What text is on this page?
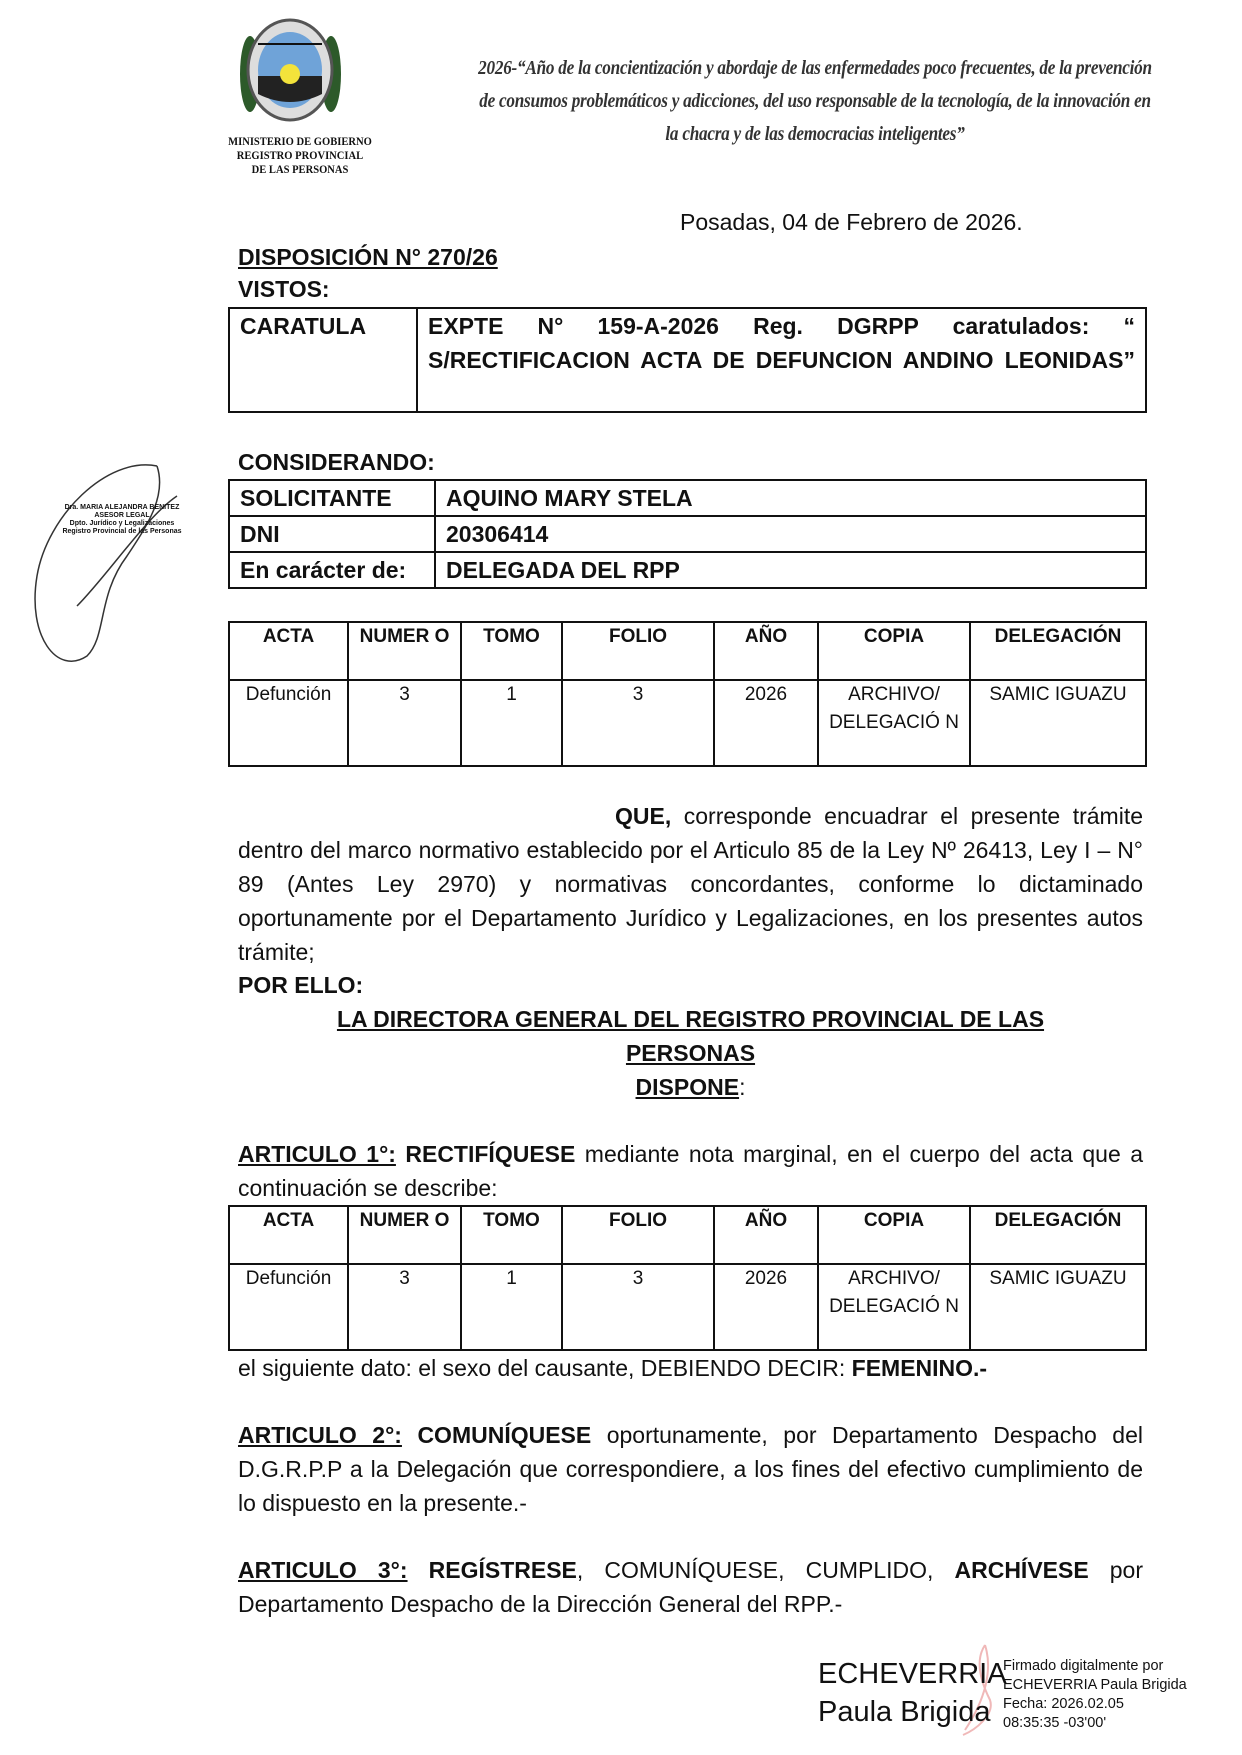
MINISTERIO DE GOBIERNO
REGISTRO PROVINCIAL
DE LAS PERSONAS
2026-“Año de la concientización y abordaje de las enfermedades poco frecuentes, de la prevención de consumos problemáticos y adicciones, del uso responsable de la tecnología, de la innovación en la chacra y de las democracias inteligentes”
Dra. MARIA ALEJANDRA BENITEZ
ASESOR LEGAL
Dpto. Jurídico y Legalizaciones
Registro Provincial de las Personas
Posadas, 04 de Febrero de 2026.
DISPOSICIÓN N° 270/26
VISTOS:
CARATULA	EXPTE N° 159-A-2026 Reg. DGRPP caratulados: “ S/RECTIFICACION ACTA DE DEFUNCION ANDINO LEONIDAS”
CONSIDERANDO:
SOLICITANTE	AQUINO MARY STELA
DNI	20306414
En carácter de:	DELEGADA DEL RPP
ACTA	NUMER O	TOMO	FOLIO	AÑO	COPIA	DELEGACIÓN
Defunción	3	1	3	2026	ARCHIVO/ DELEGACIÓ N	SAMIC IGUAZU
QUE, corresponde encuadrar el presente trámite dentro del marco normativo establecido por el Articulo 85 de la Ley Nº 26413, Ley I – N° 89 (Antes Ley 2970) y normativas concordantes, conforme lo dictaminado oportunamente por el Departamento Jurídico y Legalizaciones, en los presentes autos trámite;
POR ELLO:
LA DIRECTORA GENERAL DEL REGISTRO PROVINCIAL DE LAS PERSONAS
DISPONE:
ARTICULO 1°: RECTIFÍQUESE mediante nota marginal, en el cuerpo del acta que a continuación se describe:
ACTA	NUMER O	TOMO	FOLIO	AÑO	COPIA	DELEGACIÓN
Defunción	3	1	3	2026	ARCHIVO/ DELEGACIÓ N	SAMIC IGUAZU
el siguiente dato: el sexo del causante, DEBIENDO DECIR: FEMENINO.-
ARTICULO 2°: COMUNÍQUESE oportunamente, por Departamento Despacho del D.G.R.P.P a la Delegación que correspondiere, a los fines del efectivo cumplimiento de lo dispuesto en la presente.-
ARTICULO 3°: REGÍSTRESE, COMUNÍQUESE, CUMPLIDO, ARCHÍVESE por Departamento Despacho de la Dirección General del RPP.-
ECHEVERRIA
Paula Brigida
Firmado digitalmente por
ECHEVERRIA Paula Brigida
Fecha: 2026.02.05
08:35:35 -03'00'
